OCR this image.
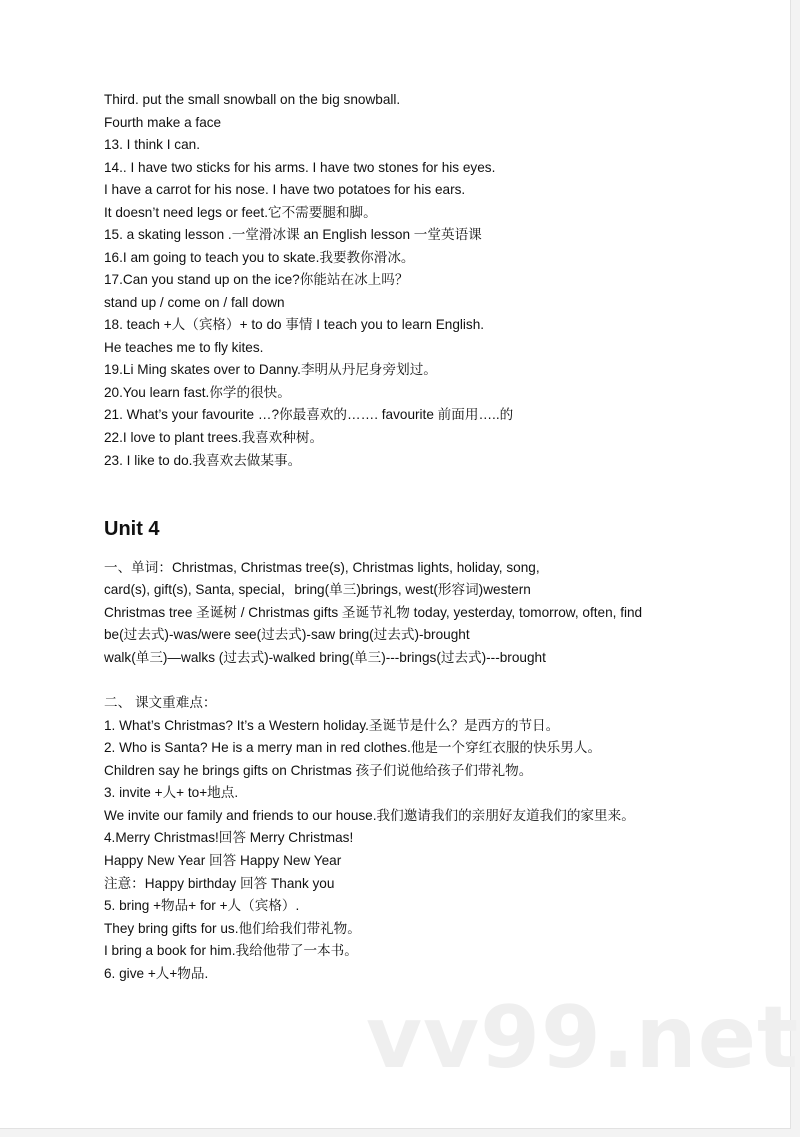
Third. put the small snowball on the big snowball.
Fourth make a face
13. I think I can.
14.. I have two sticks for his arms. I have two stones for his eyes.
I have a carrot for his nose. I have two potatoes for his ears.
It doesn’t need legs or feet.它不需要腿和脚。
15. a skating lesson .一堂滑冰课 an English lesson 一堂英语课
16.I am going to teach you to skate.我要教你滑冰。
17.Can you stand up on the ice?你能站在冰上吗？
stand up / come on / fall down
18. teach +人（宾格）+ to do 事情 I teach you to learn English.
He teaches me to fly kites.
19.Li Ming skates over to Danny.李明从丹尼身旁划过。
20.You learn fast.你学的很快。
21. What’s your favourite …?你最喜欢的……. favourite 前面用…..的
22.I love to plant trees.我喜欢种树。
23. I like to do.我喜欢去做某事。
Unit 4
一、单词：Christmas, Christmas tree(s), Christmas lights, holiday, song,
card(s), gift(s), Santa, special，bring(单三)brings, west(形容词)western
Christmas tree 圣诞树 / Christmas gifts 圣诞节礼物 today, yesterday, tomorrow, often, find
be(过去式)-was/were see(过去式)-saw bring(过去式)-brought
walk(单三)—walks (过去式)-walked bring(单三)---brings(过去式)---brought
二、 课文重难点：
1. What’s Christmas? It’s a Western holiday.圣诞节是什么？是西方的节日。
2. Who is Santa? He is a merry man in red clothes.他是一个穿红衣服的快乐男人。
Children say he brings gifts on Christmas 孩子们说他给孩子们带礼物。
3. invite +人+ to+地点.
We invite our family and friends to our house.我们邀请我们的亲朋好友道我们的家里来。
4.Merry Christmas!回答 Merry Christmas!
Happy New Year 回答 Happy New Year
注意：Happy birthday 回答 Thank you
5. bring +物品+ for +人（宾格）.
They bring gifts for us.他们给我们带礼物。
I bring a book for him.我给他带了一本书。
6. give +人+物品.
vv99.net
